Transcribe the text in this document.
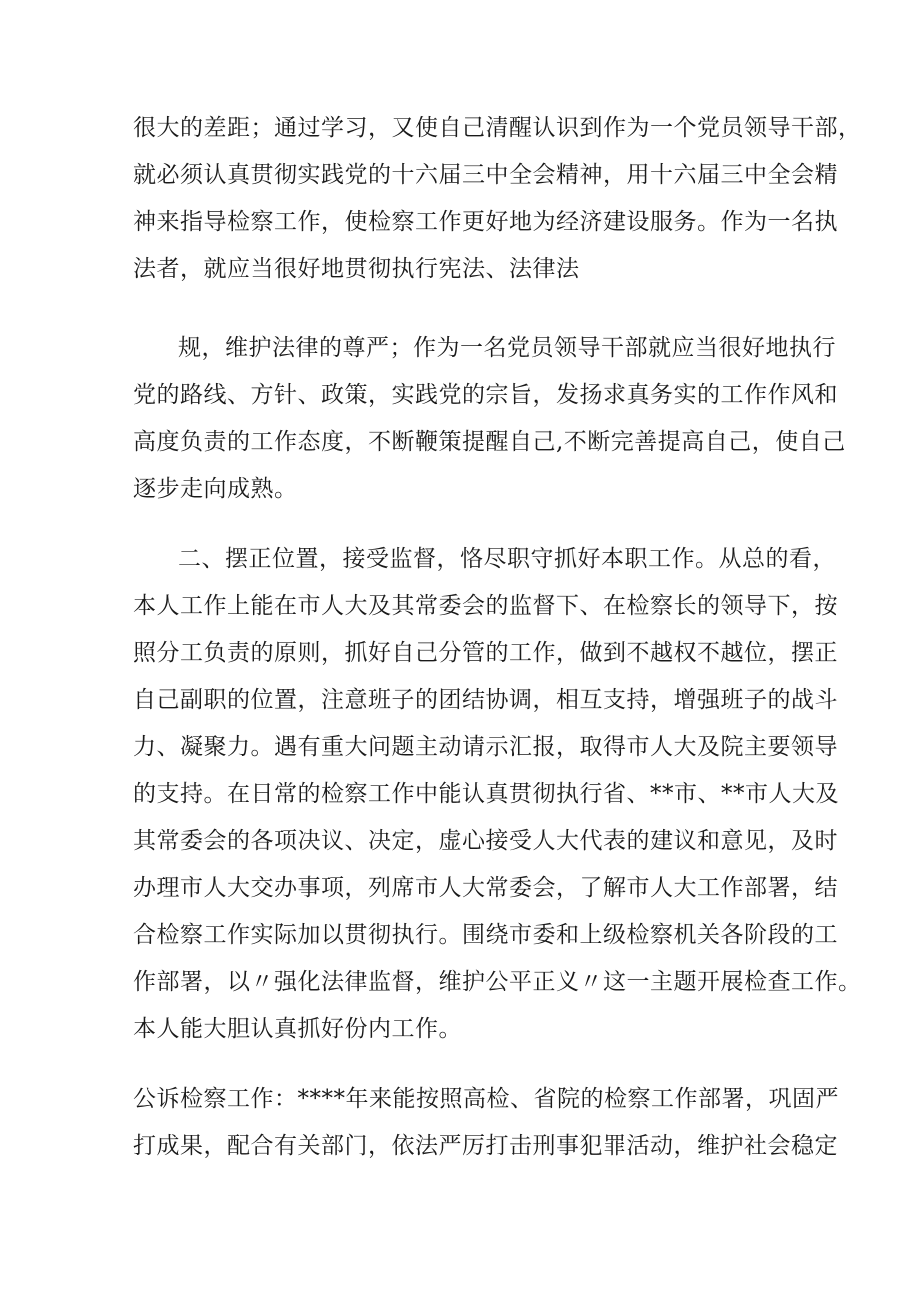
很大的差距；通过学习，又使自己清醒认识到作为一个党员领导干部，
就必须认真贯彻实践党的十六届三中全会精神，用十六届三中全会精
神来指导检察工作，使检察工作更好地为经济建设服务。作为一名执
法者，就应当很好地贯彻执行宪法、法律法
规，维护法律的尊严；作为一名党员领导干部就应当很好地执行
党的路线、方针、政策，实践党的宗旨，发扬求真务实的工作作风和
高度负责的工作态度，不断鞭策提醒自己,不断完善提高自己，使自己
逐步走向成熟。
二、摆正位置，接受监督，恪尽职守抓好本职工作。从总的看，
本人工作上能在市人大及其常委会的监督下、在检察长的领导下，按
照分工负责的原则，抓好自己分管的工作，做到不越权不越位，摆正
自己副职的位置，注意班子的团结协调，相互支持，增强班子的战斗
力、凝聚力。遇有重大问题主动请示汇报，取得市人大及院主要领导
的支持。在日常的检察工作中能认真贯彻执行省、**市、**市人大及
其常委会的各项决议、决定，虚心接受人大代表的建议和意见，及时
办理市人大交办事项，列席市人大常委会，了解市人大工作部署，结
合检察工作实际加以贯彻执行。围绕市委和上级检察机关各阶段的工
作部署，以〃强化法律监督，维护公平正义〃这一主题开展检查工作。
本人能大胆认真抓好份内工作。
公诉检察工作：****年来能按照高检、省院的检察工作部署，巩固严
打成果，配合有关部门，依法严厉打击刑事犯罪活动，维护社会稳定
